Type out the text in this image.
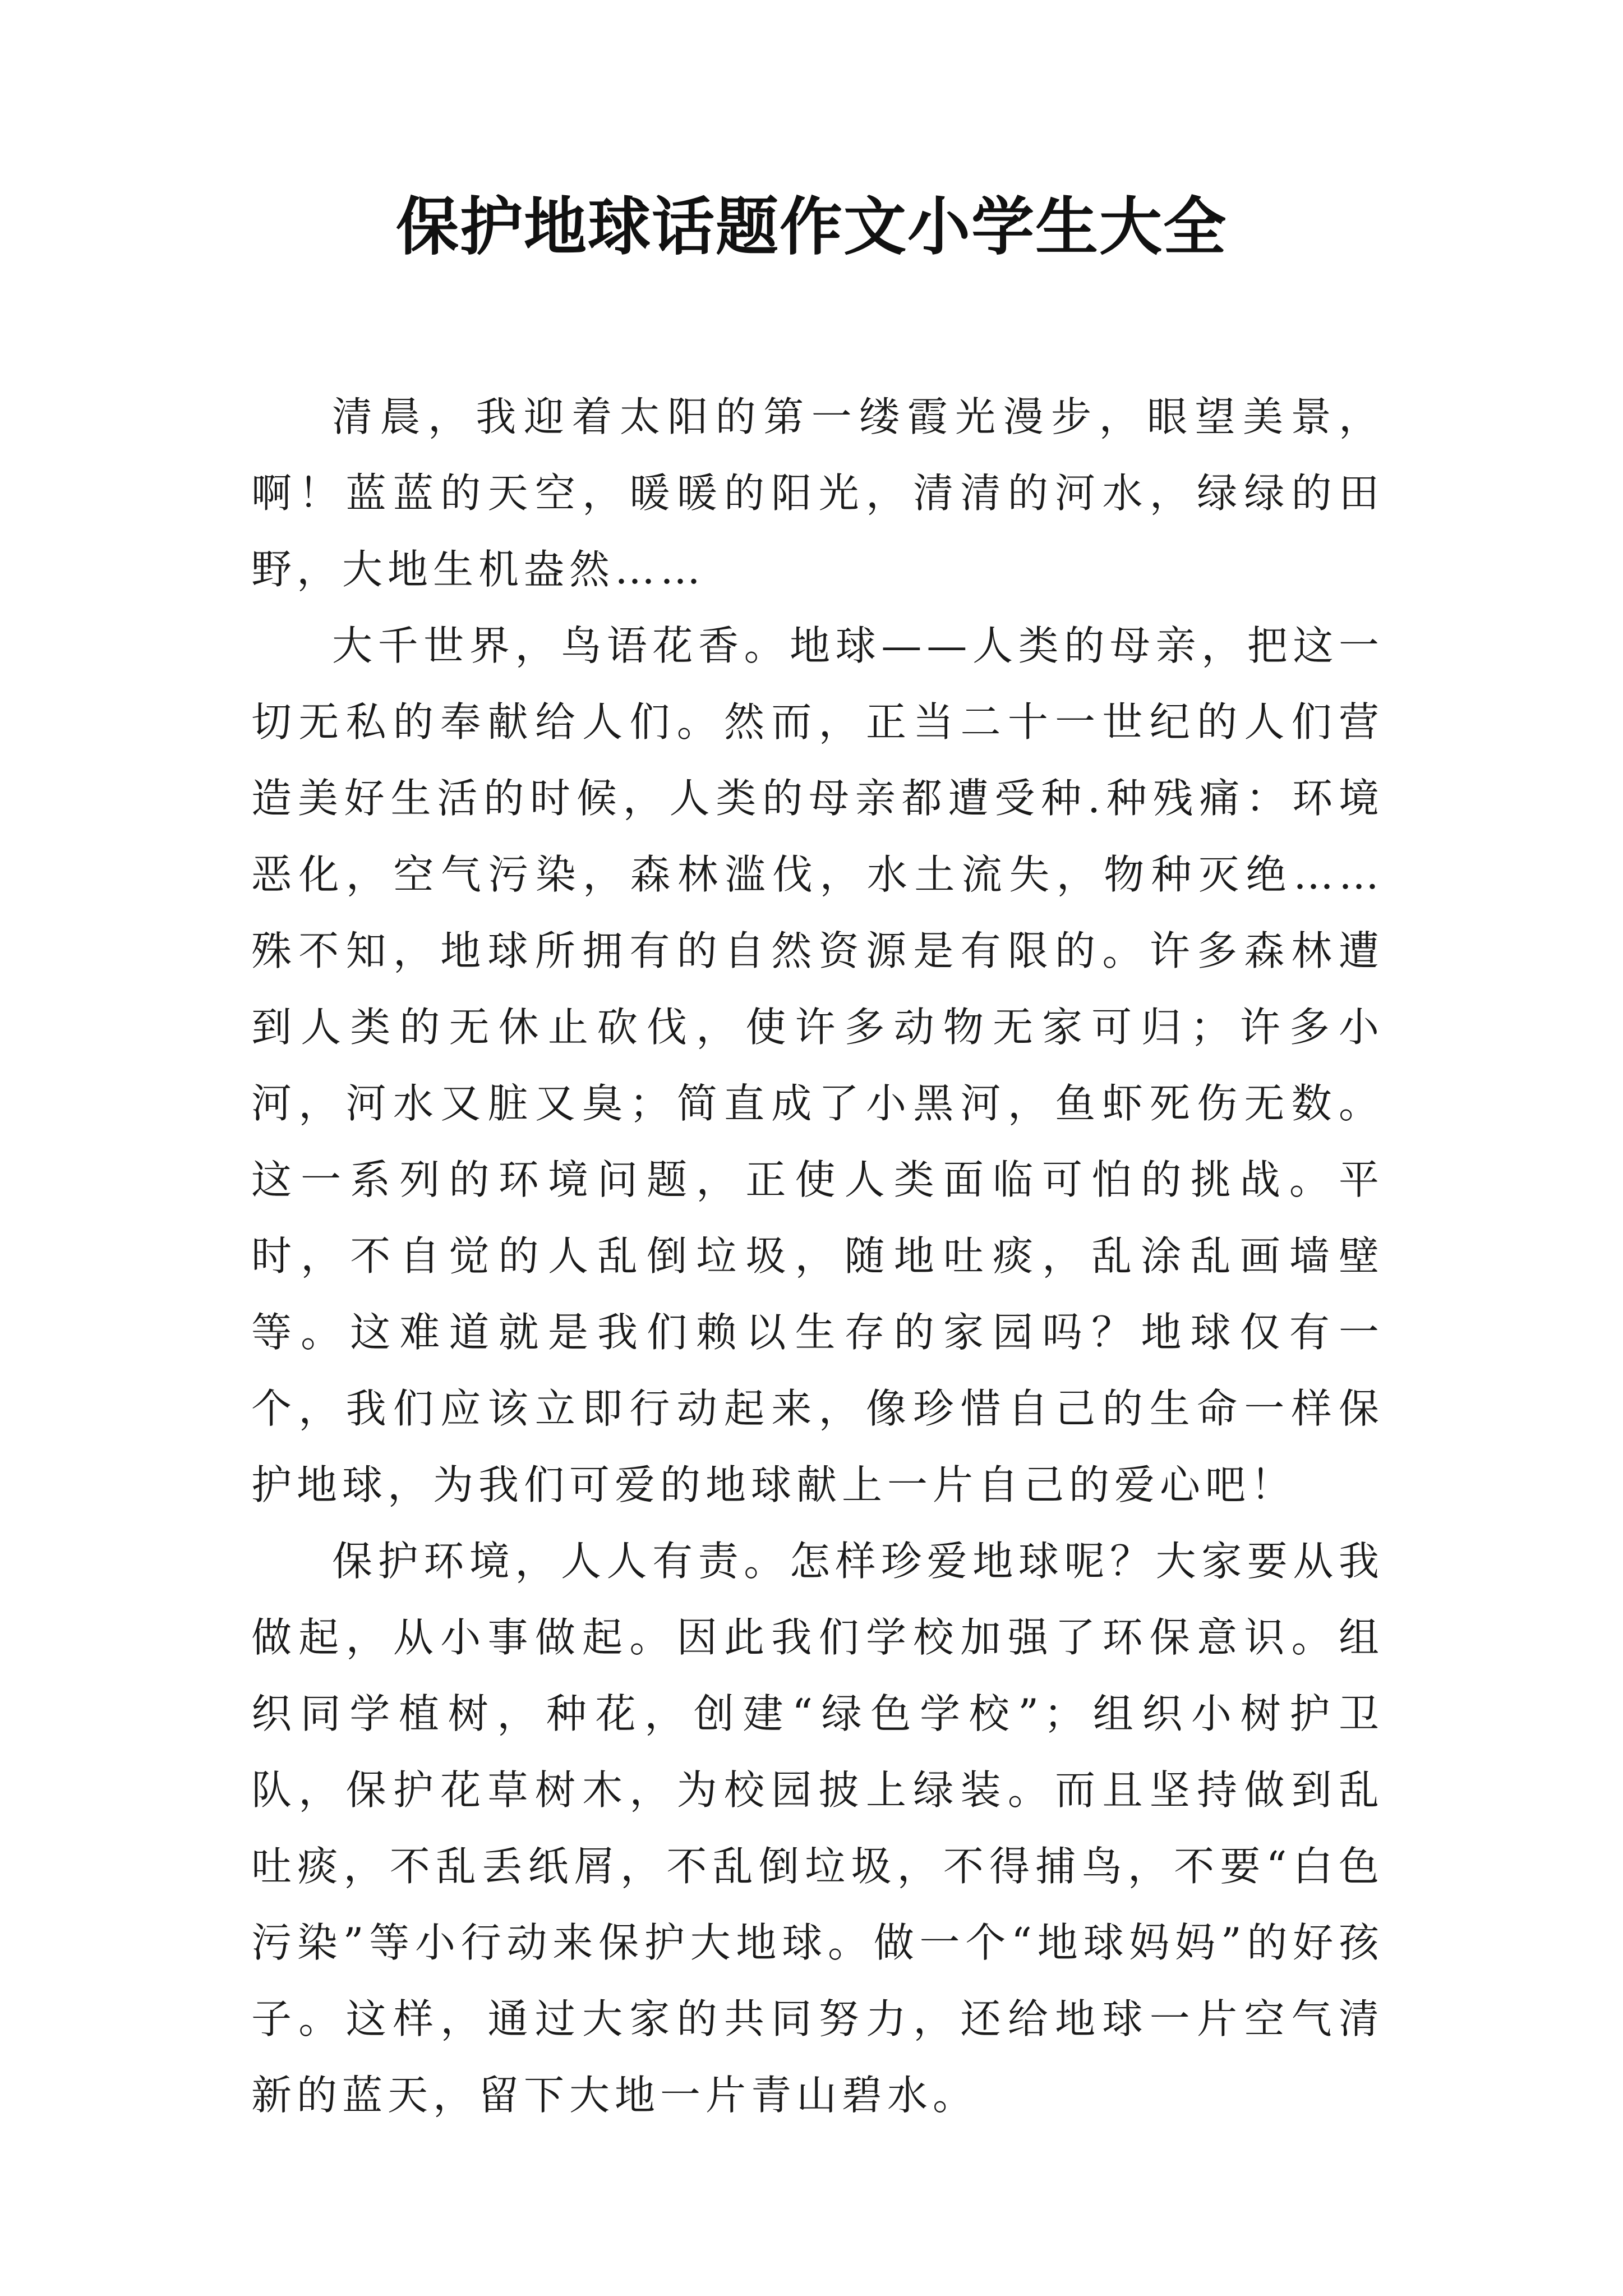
保护地球话题作文小学生大全

清晨，我迎着太阳的第一缕霞光漫步，眼望美景，啊！蓝蓝的天空，暖暖的阳光，清清的河水，绿绿的田野，大地生机盎然……

大千世界，鸟语花香。地球——人类的母亲，把这一切无私的奉献给人们。然而，正当二十一世纪的人们营造美好生活的时候，人类的母亲都遭受种.种残痛：环境恶化，空气污染，森林滥伐，水土流失，物种灭绝……殊不知，地球所拥有的自然资源是有限的。许多森林遭到人类的无休止砍伐，使许多动物无家可归；许多小河，河水又脏又臭；简直成了小黑河，鱼虾死伤无数。这一系列的环境问题，正使人类面临可怕的挑战。平时，不自觉的人乱倒垃圾，随地吐痰，乱涂乱画墙壁等。这难道就是我们赖以生存的家园吗？地球仅有一个，我们应该立即行动起来，像珍惜自己的生命一样保护地球，为我们可爱的地球献上一片自己的爱心吧！

保护环境，人人有责。怎样珍爱地球呢？大家要从我做起，从小事做起。因此我们学校加强了环保意识。组织同学植树，种花，创建“绿色学校”；组织小树护卫队，保护花草树木，为校园披上绿装。而且坚持做到乱吐痰，不乱丢纸屑，不乱倒垃圾，不得捕鸟，不要“白色污染”等小行动来保护大地球。做一个“地球妈妈”的好孩子。这样，通过大家的共同努力，还给地球一片空气清新的蓝天，留下大地一片青山碧水。
